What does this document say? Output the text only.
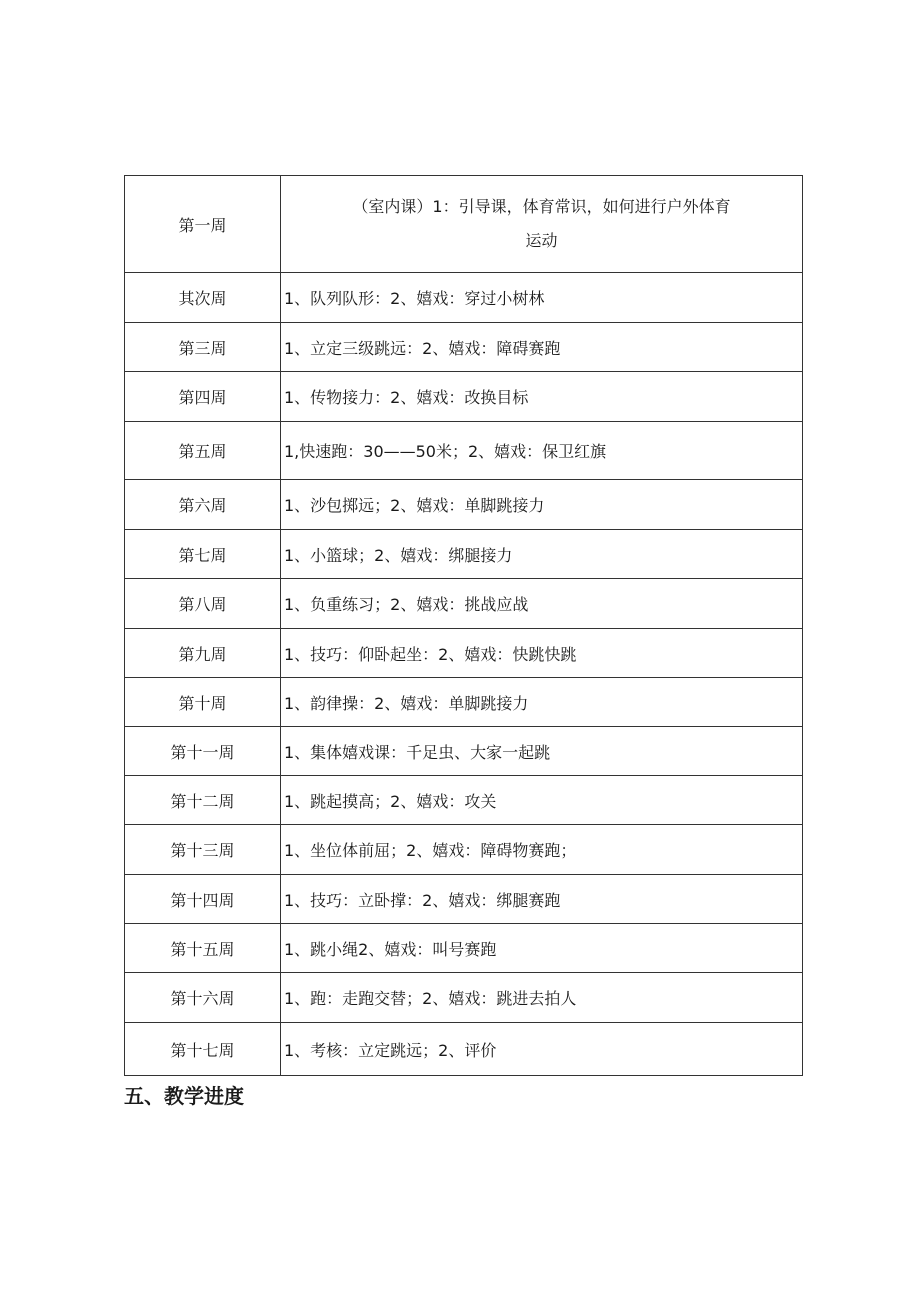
第一周	（室内课）1：引导课，体育常识，如何进行户外体育
运动

其次周	1、队列队形：2、嬉戏：穿过小树林
第三周	1、立定三级跳远：2、嬉戏：障碍赛跑
第四周	1、传物接力：2、嬉戏：改换目标
第五周	1,快速跑：30——50米；2、嬉戏：保卫红旗
第六周	1、沙包掷远；2、嬉戏：单脚跳接力
第七周	1、小篮球；2、嬉戏：绑腿接力
第八周	1、负重练习；2、嬉戏：挑战应战
第九周	1、技巧：仰卧起坐：2、嬉戏：快跳快跳
第十周	1、韵律操：2、嬉戏：单脚跳接力
第十一周	1、集体嬉戏课：千足虫、大家一起跳
第十二周	1、跳起摸高；2、嬉戏：攻关
第十三周	1、坐位体前屈；2、嬉戏：障碍物赛跑；
第十四周	1、技巧：立卧撑：2、嬉戏：绑腿赛跑
第十五周	1、跳小绳2、嬉戏：叫号赛跑
第十六周	1、跑：走跑交替；2、嬉戏：跳进去拍人
第十七周	1、考核：立定跳远；2、评价
五、教学进度
